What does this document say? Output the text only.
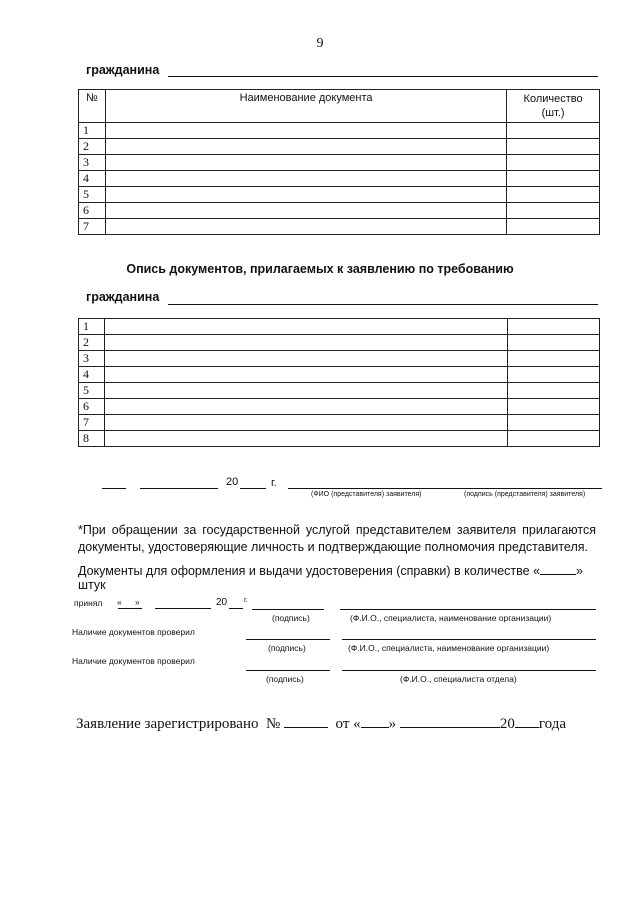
9
гражданина
№	Наименование документа	Количество
(шт.)
1		
2		
3		
4		
5		
6		
7		
Опись документов, прилагаемых к заявлению по требованию
гражданина
1		
2		
3		
4		
5		
6		
7		
8		
20	г.
(ФИО (представителя) заявителя)	(подпись (представителя) заявителя)
*При обращении за государственной услугой представителем заявителя прилагаются документы, удостоверяющие личность и подтверждающие полномочия представителя.
Документы для оформления и выдачи удостоверения (справки) в количестве «	» штук
принял « »	20 г.
(подпись)	(Ф.И.О., специалиста, наименование организации)
Наличие документов проверил
(подпись)	(Ф.И.О., специалиста, наименование организации)
Наличие документов проверил
(подпись)	(Ф.И.О., специалиста отдела)
Заявление зарегистрировано №	от « »	20 года
